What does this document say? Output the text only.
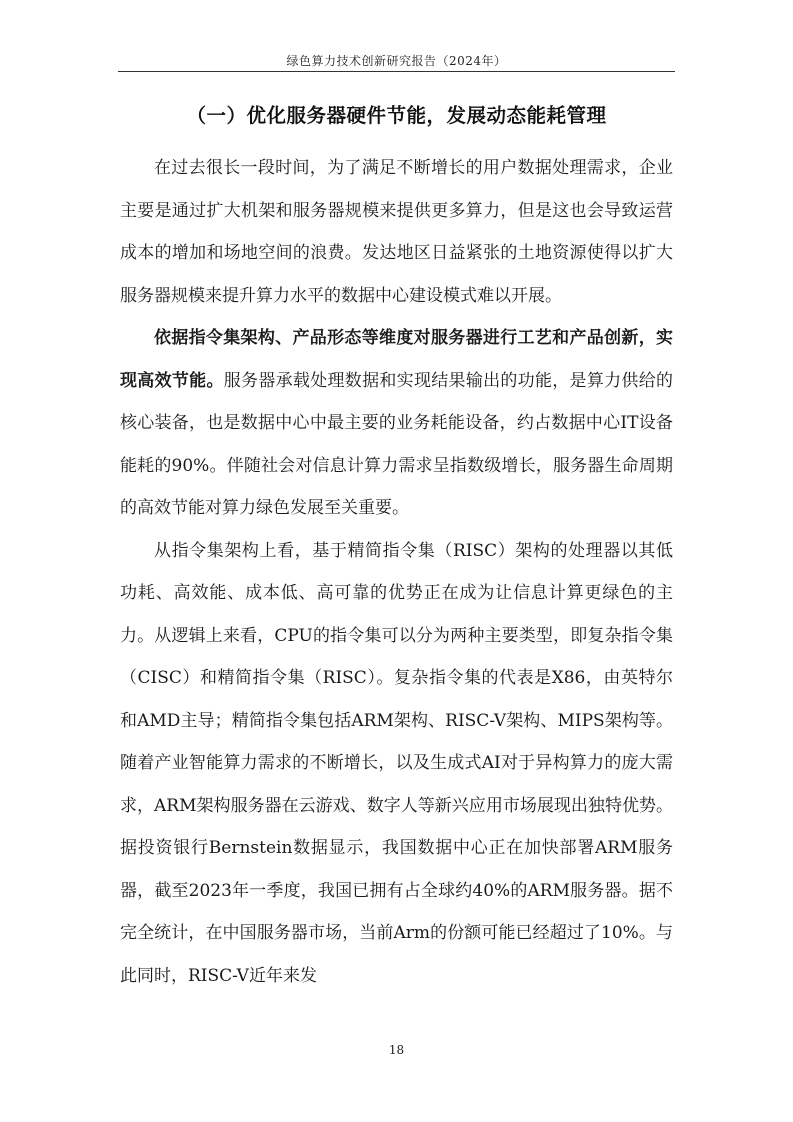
绿色算力技术创新研究报告（2024年）
（一）优化服务器硬件节能，发展动态能耗管理

在过去很长一段时间，为了满足不断增长的用户数据处理需求，企业主要是通过扩大机架和服务器规模来提供更多算力，但是这也会导致运营成本的增加和场地空间的浪费。发达地区日益紧张的土地资源使得以扩大服务器规模来提升算力水平的数据中心建设模式难以开展。

依据指令集架构、产品形态等维度对服务器进行工艺和产品创新，实现高效节能。服务器承载处理数据和实现结果输出的功能，是算力供给的核心装备，也是数据中心中最主要的业务耗能设备，约占数据中心IT设备能耗的90%。伴随社会对信息计算力需求呈指数级增长，服务器生命周期的高效节能对算力绿色发展至关重要。

从指令集架构上看，基于精简指令集（RISC）架构的处理器以其低功耗、高效能、成本低、高可靠的优势正在成为让信息计算更绿色的主力。从逻辑上来看，CPU的指令集可以分为两种主要类型，即复杂指令集（CISC）和精简指令集（RISC）。复杂指令集的代表是X86，由英特尔和AMD主导；精简指令集包括ARM架构、RISC-V架构、MIPS架构等。随着产业智能算力需求的不断增长，以及生成式AI对于异构算力的庞大需求，ARM架构服务器在云游戏、数字人等新兴应用市场展现出独特优势。据投资银行Bernstein数据显示，我国数据中心正在加快部署ARM服务器，截至2023年一季度，我国已拥有占全球约40%的ARM服务器。据不完全统计，在中国服务器市场，当前Arm的份额可能已经超过了10%。与此同时，RISC-V近年来发

18
